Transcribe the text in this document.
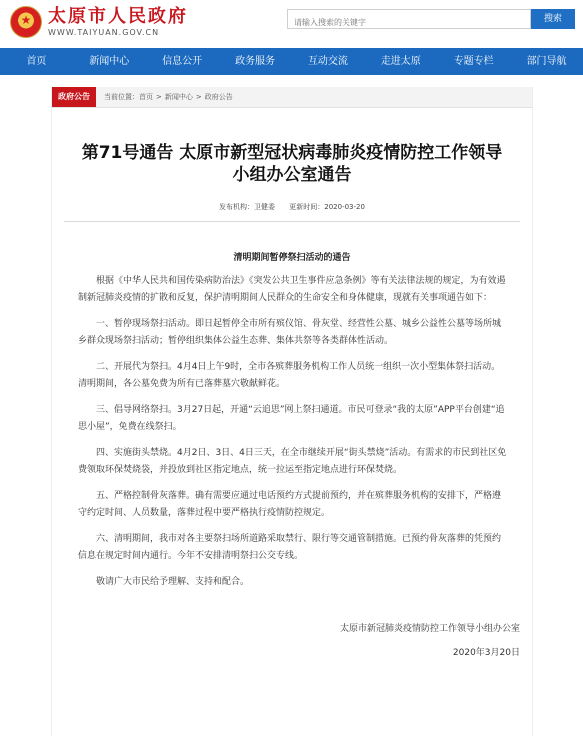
★
太原市人民政府
WWW.TAIYUAN.GOV.CN
请输入搜索的关键字
搜索
首页	新闻中心	信息公开	政务服务	互动交流	走进太原	专题专栏	部门导航
政府公告	当前位置： 首页 > 新闻中心 > 政府公告
第71号通告 太原市新型冠状病毒肺炎疫情防控工作领导小组办公室通告
发布机构：卫健委 更新时间：2020-03-20
清明期间暂停祭扫活动的通告
根据《中华人民共和国传染病防治法》《突发公共卫生事件应急条例》等有关法律法规的规定，为有效遏制新冠肺炎疫情的扩散和反复，保护清明期间人民群众的生命安全和身体健康，现就有关事项通告如下：
一、暂停现场祭扫活动。即日起暂停全市所有殡仪馆、骨灰堂、经营性公墓、城乡公益性公墓等场所城乡群众现场祭扫活动；暂停组织集体公益生态葬、集体共祭等各类群体性活动。
二、开展代为祭扫。4月4日上午9时，全市各殡葬服务机构工作人员统一组织一次小型集体祭扫活动。清明期间，各公墓免费为所有已落葬墓穴敬献鲜花。
三、倡导网络祭扫。3月27日起，开通“云追思”网上祭扫通道。市民可登录“我的太原”APP平台创建“追思小屋”，免费在线祭扫。
四、实施街头禁烧。4月2日、3日、4日三天，在全市继续开展“街头禁烧”活动。有需求的市民到社区免费领取环保焚烧袋，并投放到社区指定地点，统一拉运至指定地点进行环保焚烧。
五、严格控制骨灰落葬。确有需要应通过电话预约方式提前预约，并在殡葬服务机构的安排下，严格遵守约定时间、人员数量，落葬过程中要严格执行疫情防控规定。
六、清明期间，我市对各主要祭扫场所道路采取禁行、限行等交通管制措施。已预约骨灰落葬的凭预约信息在规定时间内通行。今年不安排清明祭扫公交专线。
敬请广大市民给予理解、支持和配合。
太原市新冠肺炎疫情防控工作领导小组办公室
2020年3月20日
